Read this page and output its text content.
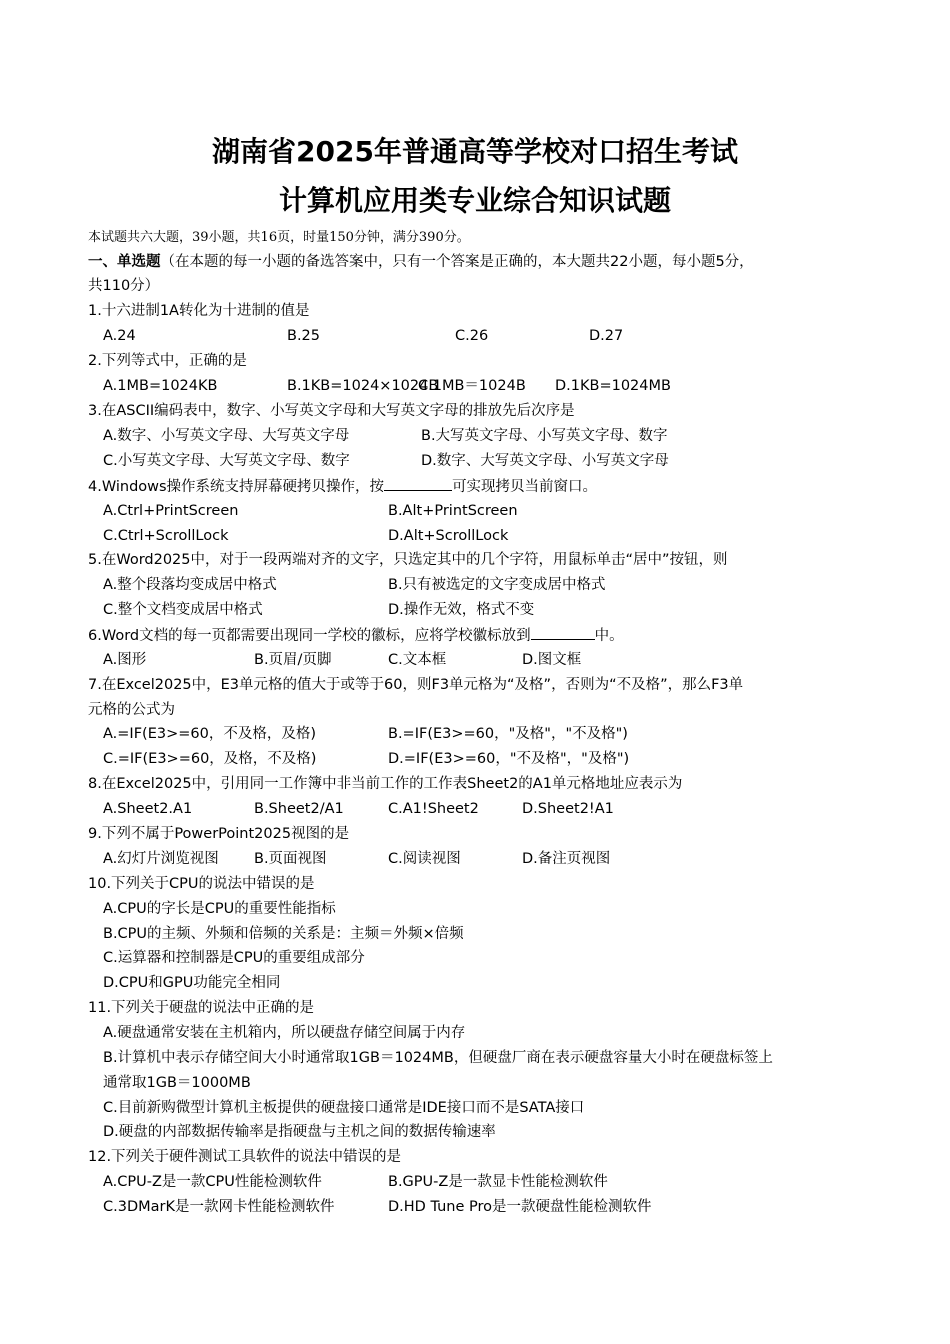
湖南省2025年普通高等学校对口招生考试
计算机应用类专业综合知识试题
本试题共六大题，39小题，共16页，时量150分钟，满分390分。
一、单选题（在本题的每一小题的备选答案中，只有一个答案是正确的，本大题共22小题，每小题5分，
共110分）
1.十六进制1A转化为十进制的值是
A.24	B.25	C.26	D.27
2.下列等式中，正确的是
A.1MB=1024KB	B.1KB=1024×1024B
C.1MB＝1024B D.1KB=1024MB
3.在ASCII编码表中，数字、小写英文字母和大写英文字母的排放先后次序是
A.数字、小写英文字母、大写英文字母	B.大写英文字母、小写英文字母、数字
C.小写英文字母、大写英文字母、数字	D.数字、大写英文字母、小写英文字母
4.Windows操作系统支持屏幕硬拷贝操作，按	可实现拷贝当前窗口。
A.Ctrl+PrintScreen	B.Alt+PrintScreen
C.Ctrl+ScrollLock	D.Alt+ScrollLock
5.在Word2025中，对于一段两端对齐的文字，只选定其中的几个字符，用鼠标单击“居中”按钮，则
A.整个段落均变成居中格式	B.只有被选定的文字变成居中格式
C.整个文档变成居中格式	D.操作无效，格式不变
6.Word文档的每一页都需要出现同一学校的徽标，应将学校徽标放到	中。
A.图形	B.页眉/页脚	C.文本框	D.图文框
7.在Excel2025中，E3单元格的值大于或等于60，则F3单元格为“及格”，否则为“不及格”，那么F3单
元格的公式为
A.=IF(E3>=60，不及格，及格)	B.=IF(E3>=60，"及格"，"不及格")
C.=IF(E3>=60，及格，不及格)	D.=IF(E3>=60，"不及格"，"及格")
8.在Excel2025中，引用同一工作簿中非当前工作的工作表Sheet2的A1单元格地址应表示为
A.Sheet2.A1	B.Sheet2/A1	C.A1!Sheet2	D.Sheet2!A1
9.下列不属于PowerPoint2025视图的是
A.幻灯片浏览视图 B.页面视图	C.阅读视图	D.备注页视图
10.下列关于CPU的说法中错误的是
A.CPU的字长是CPU的重要性能指标
B.CPU的主频、外频和倍频的关系是：主频＝外频×倍频
C.运算器和控制器是CPU的重要组成部分
D.CPU和GPU功能完全相同
11.下列关于硬盘的说法中正确的是
A.硬盘通常安装在主机箱内，所以硬盘存储空间属于内存
B.计算机中表示存储空间大小时通常取1GB＝1024MB，但硬盘厂商在表示硬盘容量大小时在硬盘标签上
通常取1GB＝1000MB
C.目前新购微型计算机主板提供的硬盘接口通常是IDE接口而不是SATA接口
D.硬盘的内部数据传输率是指硬盘与主机之间的数据传输速率
12.下列关于硬件测试工具软件的说法中错误的是
A.CPU-Z是一款CPU性能检测软件	B.GPU-Z是一款显卡性能检测软件
C.3DMarK是一款网卡性能检测软件	D.HD Tune Pro是一款硬盘性能检测软件
